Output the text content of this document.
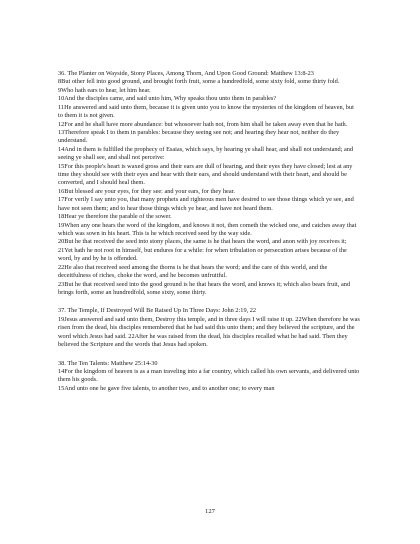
36. The Planter on Wayside, Stony Places, Among Thorn, And Upon Good Ground: Matthew 13:8-23

8But other fell into good ground, and brought forth fruit, some a hundredfold, some sixty fold, some thirty fold.

9Who hath ears to hear, let him hear.

10And the disciples came, and said unto him, Why speaks thou unto them in parables?

11He answered and said unto them, because it is given unto you to know the mysteries of the kingdom of heaven, but to them it is not given.

12For and he shall have more abundance: but whosoever hath not, from him shall be taken away even that he hath.

13Therefore speak I to them in parables: because they seeing see not; and hearing they hear not, neither do they understand.

14And in them is fulfilled the prophecy of Esaias, which says, by hearing ye shall hear, and shall not understand; and seeing ye shall see, and shall not perceive:

15For this people's heart is waxed gross and their ears are dull of hearing, and their eyes they have closed; lest at any time they should see with their eyes and hear with their ears, and should understand with their heart, and should be converted, and I should heal them.

16But blessed are your eyes, for they see: and your ears, for they hear.

17For verily I say unto you, that many prophets and righteous men have desired to see those things which ye see, and have not seen them; and to hear those things which ye hear, and have not heard them.

18Hear ye therefore the parable of the sower.

19When any one hears the word of the kingdom, and knows it not, then cometh the wicked one, and catches away that which was sown in his heart. This is he which received seed by the way side.

20But he that received the seed into stony places, the same is he that hears the word, and anon with joy receives it;

21Yet hath he not root in himself, but endures for a while: for when tribulation or persecution arises because of the word, by and by he is offended.

22He also that received seed among the thorns is he that hears the word; and the care of this world, and the deceitfulness of riches, choke the word, and he becomes unfruitful.

23But he that received seed into the good ground is he that hears the word, and knows it; which also bears fruit, and brings forth, some an hundredfold, some sixty, some thirty.

37. The Temple, If Destroyed Will Be Raised Up In Three Days: John 2:19, 22

19Jesus answered and said unto them, Destroy this temple, and in three days I will raise it up. 22When therefore he was risen from the dead, his disciples remembered that he had said this unto them; and they believed the scripture, and the word which Jesus had said. 22After he was raised from the dead, his disciples recalled what he had said. Then they believed the Scripture and the words that Jesus had spoken.

38. The Ten Talents: Matthew 25:14-30

14For the kingdom of heaven is as a man traveling into a far country, which called his own servants, and delivered unto them his goods.

15And unto one he gave five talents, to another two, and to another one; to every man

127
